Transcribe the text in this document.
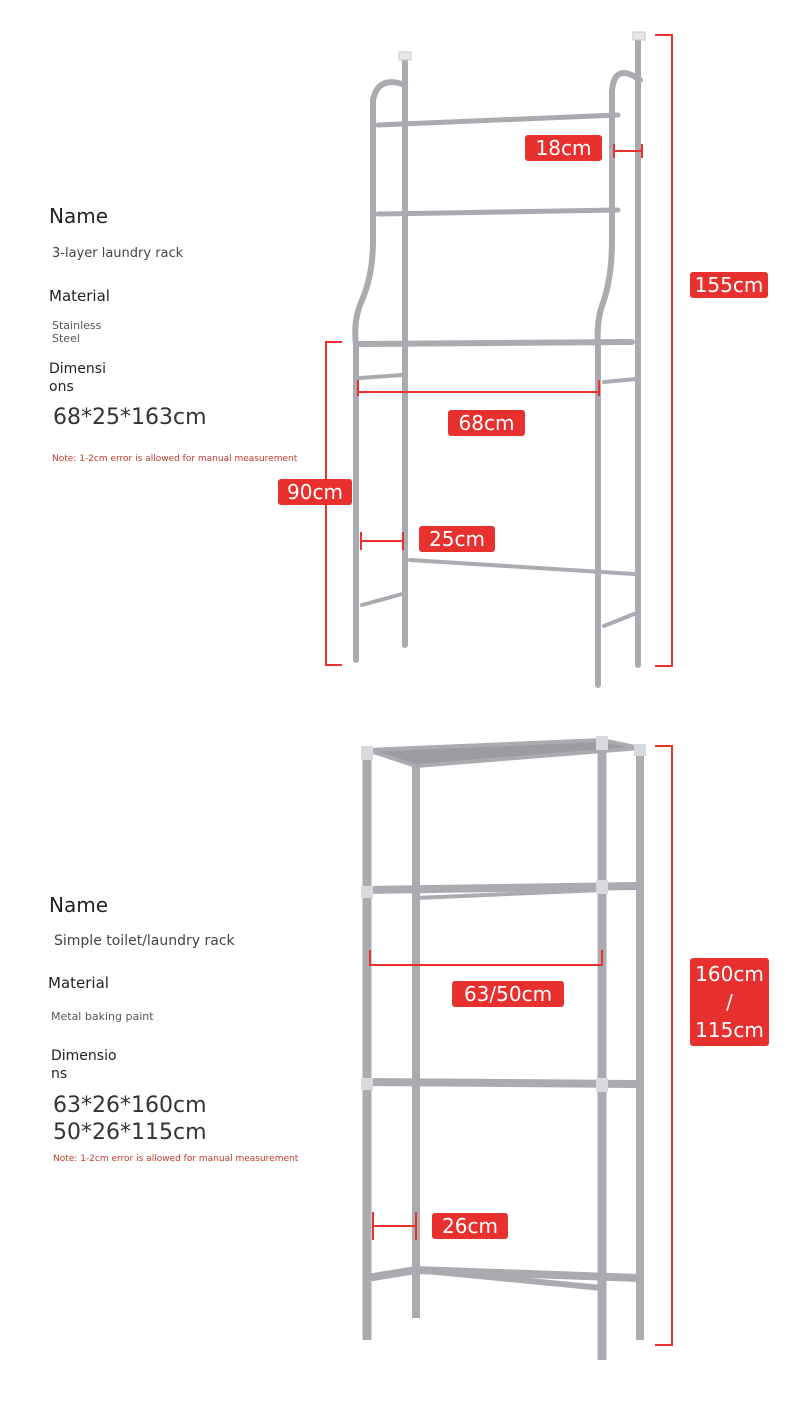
Name
3-layer laundry rack
Material
Stainless
Steel
Dimensi
ons
68*25*163cm
Note: 1-2cm error is allowed for manual measurement
18cm
155cm
68cm
90cm
25cm
Name
Simple toilet/laundry rack
Material
Metal baking paint
Dimensio
ns
63*26*160cm
50*26*115cm
Note: 1-2cm error is allowed for manual measurement
63/50cm
160cm
/
115cm
26cm
